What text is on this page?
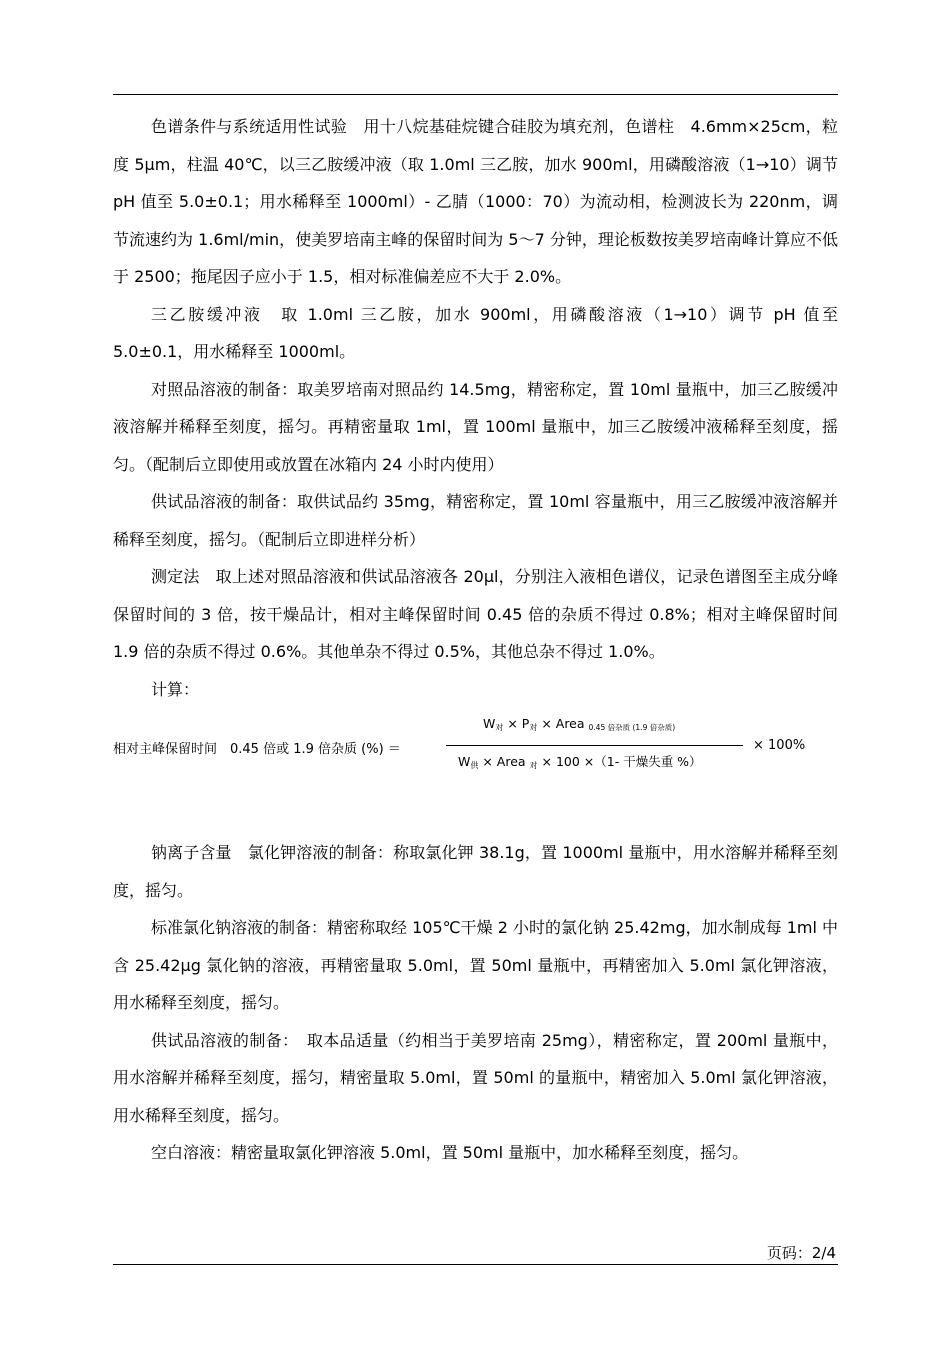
色谱条件与系统适用性试验　用十八烷基硅烷键合硅胶为填充剂，色谱柱　4.6mm×25cm，粒度 5μm，柱温 40℃，以三乙胺缓冲液（取 1.0ml 三乙胺，加水 900ml，用磷酸溶液（1→10）调节 pH 值至 5.0±0.1；用水稀释至 1000ml）- 乙腈（1000：70）为流动相，检测波长为 220nm，调节流速约为 1.6ml/min，使美罗培南主峰的保留时间为 5～7 分钟，理论板数按美罗培南峰计算应不低于 2500；拖尾因子应小于 1.5，相对标准偏差应不大于 2.0%。

三乙胺缓冲液　取 1.0ml 三乙胺，加水 900ml，用磷酸溶液（1→10）调节 pH 值至 5.0±0.1，用水稀释至 1000ml。

对照品溶液的制备：取美罗培南对照品约 14.5mg，精密称定，置 10ml 量瓶中，加三乙胺缓冲液溶解并稀释至刻度，摇匀。再精密量取 1ml，置 100ml 量瓶中，加三乙胺缓冲液稀释至刻度，摇匀。（配制后立即使用或放置在冰箱内 24 小时内使用）

供试品溶液的制备：取供试品约 35mg，精密称定，置 10ml 容量瓶中，用三乙胺缓冲液溶解并稀释至刻度，摇匀。（配制后立即进样分析）

测定法　取上述对照品溶液和供试品溶液各 20μl，分别注入液相色谱仪，记录色谱图至主成分峰保留时间的 3 倍，按干燥品计，相对主峰保留时间 0.45 倍的杂质不得过 0.8%；相对主峰保留时间 1.9 倍的杂质不得过 0.6%。其他单杂不得过 0.5%，其他总杂不得过 1.0%。

计算：

相对主峰保留时间　0.45 倍或 1.9 倍杂质 (%) ＝
$W_对 \times P_对$ × Area $_{0.45 倍杂质 (1.9 倍杂质)}$
$W_供$ × Area $_对$ × 100 ×（1- 干燥失重 %）
× 100%

钠离子含量　氯化钾溶液的制备：称取氯化钾 38.1g，置 1000ml 量瓶中，用水溶解并稀释至刻度，摇匀。

标准氯化钠溶液的制备：精密称取经 105℃干燥 2 小时的氯化钠 25.42mg，加水制成每 1ml 中含 25.42μg 氯化钠的溶液，再精密量取 5.0ml，置 50ml 量瓶中，再精密加入 5.0ml 氯化钾溶液，用水稀释至刻度，摇匀。

供试品溶液的制备：　取本品适量（约相当于美罗培南 25mg），精密称定，置 200ml 量瓶中，用水溶解并稀释至刻度，摇匀，精密量取 5.0ml，置 50ml 的量瓶中，精密加入 5.0ml 氯化钾溶液，用水稀释至刻度，摇匀。

空白溶液：精密量取氯化钾溶液 5.0ml，置 50ml 量瓶中，加水稀释至刻度，摇匀。

页码：2/4
